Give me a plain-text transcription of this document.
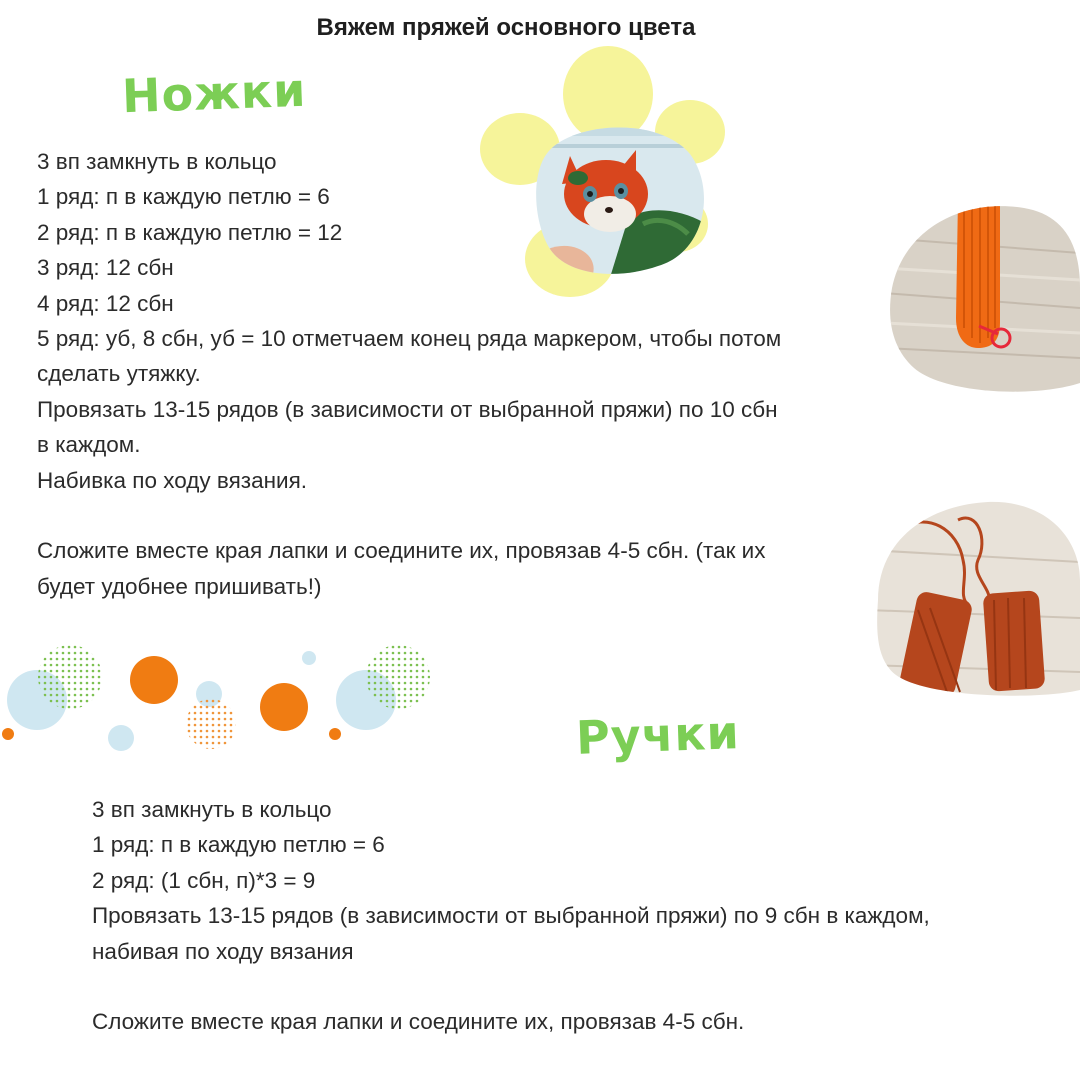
Вяжем пряжей основного цвета
Ножки
3 вп замкнуть в кольцо
1 ряд: п в каждую петлю = 6
2 ряд: п в каждую петлю = 12
3 ряд: 12 сбн
4 ряд: 12 сбн
5 ряд: уб, 8 сбн, уб = 10 отметчаем конец ряда маркером, чтобы потом
сделать утяжку.
Провязать 13-15 рядов (в зависимости от выбранной пряжи) по 10 сбн
в каждом.
Набивка по ходу вязания.
Сложите вместе края лапки и соедините их, провязав 4-5 сбн. (так их
будет удобнее пришивать!)
Ручки
3 вп замкнуть в кольцо
1 ряд: п в каждую петлю = 6
2 ряд: (1 сбн, п)*3 = 9
Провязать 13-15 рядов (в зависимости от выбранной пряжи) по 9 сбн в каждом,
набивая по ходу вязания
Сложите вместе края лапки и соедините их, провязав 4-5 сбн.
